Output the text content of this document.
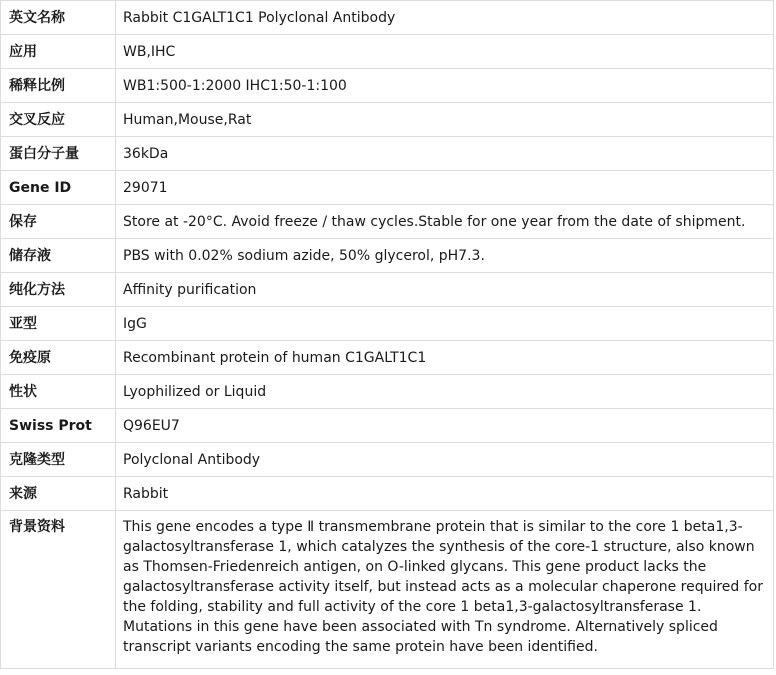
英文名称	Rabbit C1GALT1C1 Polyclonal Antibody
应用	WB,IHC
稀释比例	WB1:500-1:2000 IHC1:50-1:100
交叉反应	Human,Mouse,Rat
蛋白分子量	36kDa
Gene ID	29071
保存	Store at -20°C. Avoid freeze / thaw cycles.Stable for one year from the date of shipment.
储存液	PBS with 0.02% sodium azide, 50% glycerol, pH7.3.
纯化方法	Affinity purification
亚型	IgG
免疫原	Recombinant protein of human C1GALT1C1
性状	Lyophilized or Liquid
Swiss Prot	Q96EU7
克隆类型	Polyclonal Antibody
来源	Rabbit
背景资料	This gene encodes a type Ⅱ transmembrane protein that is similar to the core 1 beta1,3-galactosyltransferase 1, which catalyzes the synthesis of the core-1 structure, also known as Thomsen-Friedenreich antigen, on O-linked glycans. This gene product lacks the galactosyltransferase activity itself, but instead acts as a molecular chaperone required for the folding, stability and full activity of the core 1 beta1,3-galactosyltransferase 1. Mutations in this gene have been associated with Tn syndrome. Alternatively spliced transcript variants encoding the same protein have been identified.
